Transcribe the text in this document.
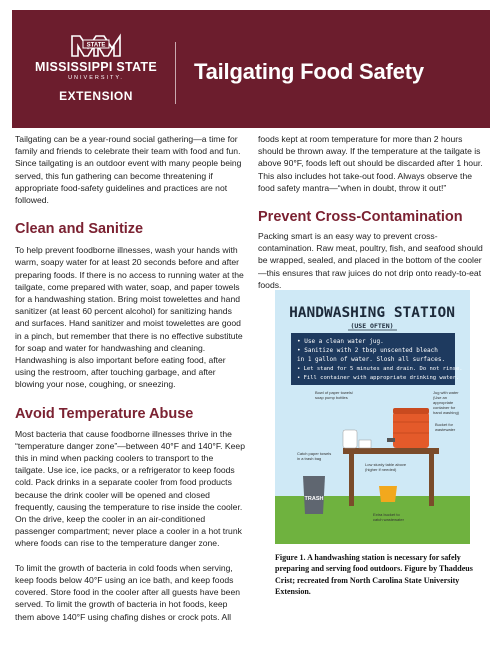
STATE
MISSISSIPPI STATE
UNIVERSITY.
EXTENSION
Tailgating Food Safety

Tailgating can be a year-round social gathering—a time for family and friends to celebrate their team with food and fun. Since tailgating is an outdoor event with many people being served, this fun gathering can become threatening if appropriate food-safety guidelines and practices are not followed.

Clean and Sanitize

To help prevent foodborne illnesses, wash your hands with warm, soapy water for at least 20 seconds before and after preparing foods. If there is no access to running water at the tailgate, come prepared with water, soap, and paper towels for a handwashing station. Bring moist towelettes and hand sanitizer (at least 60 percent alcohol) for sanitizing hands and surfaces. Hand sanitizer and moist towelettes are good in a pinch, but remember that there is no effective substitute for soap and water for handwashing and cleaning. Handwashing is also important before eating food, after using the restroom, after touching garbage, and after blowing your nose, coughing, or sneezing.

Avoid Temperature Abuse

Most bacteria that cause foodborne illnesses thrive in the “temperature danger zone”—between 40°F and 140°F. Keep this in mind when packing coolers to transport to the tailgate. Use ice, ice packs, or a refrigerator to keep foods cold. Pack drinks in a separate cooler from food products because the drink cooler will be opened and closed frequently, causing the temperature to rise inside the cooler. On the drive, keep the cooler in an air-conditioned passenger compartment; never place a cooler in a hot trunk where foods can rise to the temperature danger zone.

To limit the growth of bacteria in cold foods when serving, keep foods below 40°F using an ice bath, and keep foods covered. Store food in the cooler after all guests have been served. To limit the growth of bacteria in hot foods, keep them above 140°F using chafing dishes or crock pots. All

foods kept at room temperature for more than 2 hours should be thrown away. If the temperature at the tailgate is above 90°F, foods left out should be discarded after 1 hour. This also includes hot take-out food. Always observe the food safety mantra—“when in doubt, throw it out!”

Prevent Cross-Contamination

Packing smart is an easy way to prevent cross-contamination. Raw meat, poultry, fish, and seafood should be wrapped, sealed, and placed in the bottom of the cooler—this ensures that raw juices do not drip onto ready-to-eat foods.

HANDWASHING STATION
(USE OFTEN)
• Use a clean water jug.
• Sanitize with 2 tbsp unscented bleach
in 1 gallon of water. Slosh all surfaces.
• Let stand for 5 minutes and drain. Do not rinse.
• Fill container with appropriate drinking water.
TRASH
Bowl of paper towels/ soap pump bottles
Jug with water (Use an appropriate container for hand washing)
Catch paper towels in a trash bag
Low sturdy table above (higher if needed)
Bucket for wastewater
Extra bucket to catch wastewater
Figure 1. A handwashing station is necessary for safely preparing and serving food outdoors. Figure by Thaddeus Crist; recreated from North Carolina State University Extension.
